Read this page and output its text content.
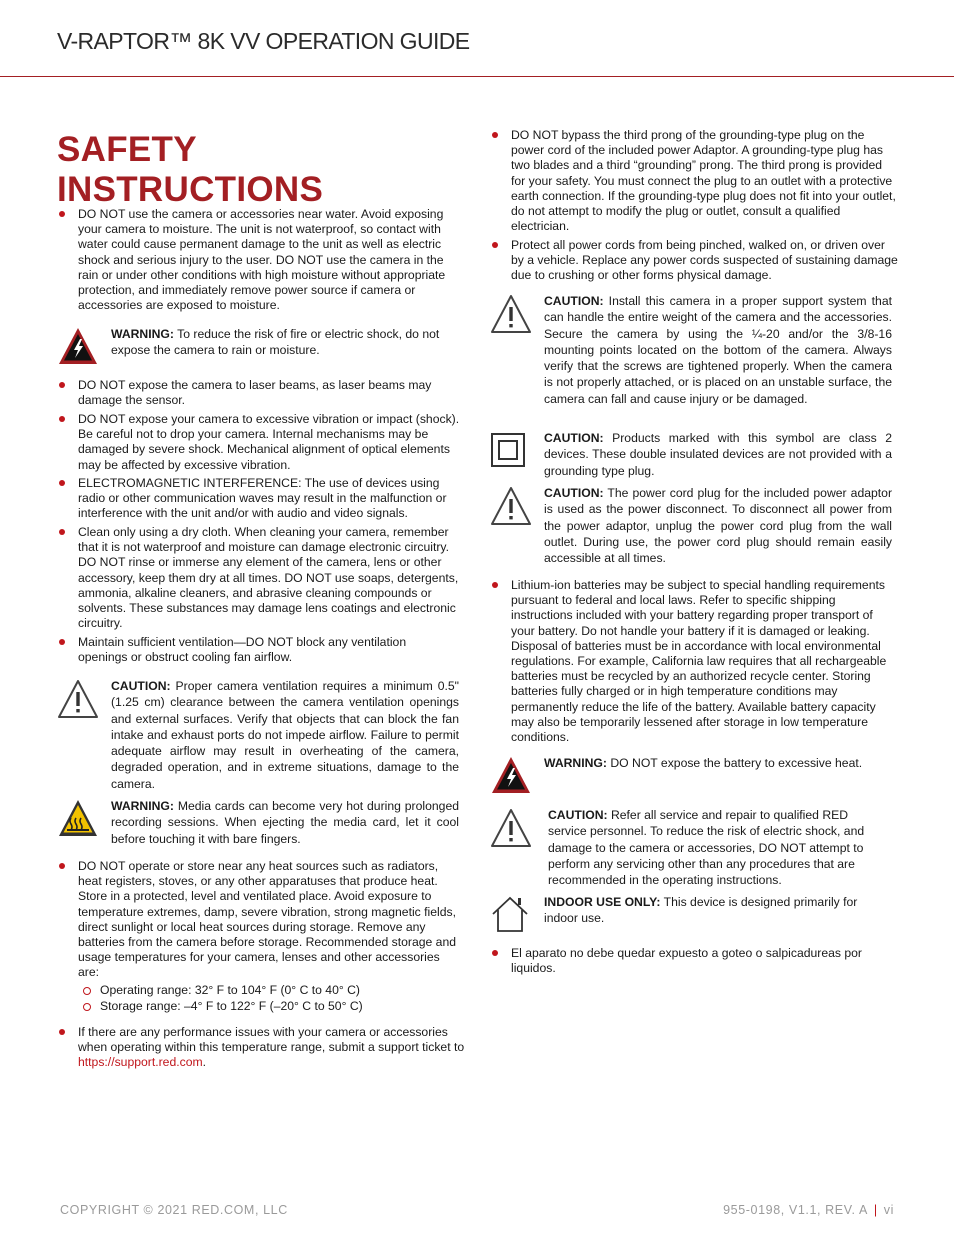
V-RAPTOR™ 8K VV OPERATION GUIDE
SAFETY INSTRUCTIONS
DO NOT use the camera or accessories near water. Avoid exposing your camera to moisture. The unit is not waterproof, so contact with water could cause permanent damage to the unit as well as electric shock and serious injury to the user. DO NOT use the camera in the rain or under other conditions with high moisture without appropriate protection, and immediately remove power source if camera or accessories are exposed to moisture.
WARNING: To reduce the risk of fire or electric shock, do not expose the camera to rain or moisture.
DO NOT expose the camera to laser beams, as laser beams may damage the sensor.
DO NOT expose your camera to excessive vibration or impact (shock). Be careful not to drop your camera. Internal mechanisms may be damaged by severe shock. Mechanical alignment of optical elements may be affected by excessive vibration.
ELECTROMAGNETIC INTERFERENCE: The use of devices using radio or other communication waves may result in the malfunction or interference with the unit and/or with audio and video signals.
Clean only using a dry cloth. When cleaning your camera, remember that it is not waterproof and moisture can damage electronic circuitry. DO NOT rinse or immerse any element of the camera, lens or other accessory, keep them dry at all times. DO NOT use soaps, detergents, ammonia, alkaline cleaners, and abrasive cleaning compounds or solvents. These substances may damage lens coatings and electronic circuitry.
Maintain sufficient ventilation—DO NOT block any ventilation openings or obstruct cooling fan airflow.
CAUTION: Proper camera ventilation requires a minimum 0.5" (1.25 cm) clearance between the camera ventilation openings and external surfaces. Verify that objects that can block the fan intake and exhaust ports do not impede airflow. Failure to permit adequate airflow may result in overheating of the camera, degraded operation, and in extreme situations, damage to the camera.
WARNING: Media cards can become very hot during prolonged recording sessions. When ejecting the media card, let it cool before touching it with bare fingers.
DO NOT operate or store near any heat sources such as radiators, heat registers, stoves, or any other apparatuses that produce heat. Store in a protected, level and ventilated place. Avoid exposure to temperature extremes, damp, severe vibration, strong magnetic fields, direct sunlight or local heat sources during storage. Remove any batteries from the camera before storage. Recommended storage and usage temperatures for your camera, lenses and other accessories are:
Operating range: 32° F to 104° F (0° C to 40° C)
Storage range: –4° F to 122° F (–20° C to 50° C)
If there are any performance issues with your camera or accessories when operating within this temperature range, submit a support ticket to https://support.red.com.
DO NOT bypass the third prong of the grounding-type plug on the power cord of the included power Adaptor. A grounding-type plug has two blades and a third “grounding” prong. The third prong is provided for your safety. You must connect the plug to an outlet with a protective earth connection. If the grounding-type plug does not fit into your outlet, do not attempt to modify the plug or outlet, consult a qualified electrician.
Protect all power cords from being pinched, walked on, or driven over by a vehicle. Replace any power cords suspected of sustaining damage due to crushing or other forms physical damage.
CAUTION: Install this camera in a proper support system that can handle the entire weight of the camera and the accessories. Secure the camera by using the ¼-20 and/or the 3/8-16 mounting points located on the bottom of the camera. Always verify that the screws are tightened properly. When the camera is not properly attached, or is placed on an unstable surface, the camera can fall and cause injury or be damaged.
CAUTION: Products marked with this symbol are class 2 devices. These double insulated devices are not provided with a grounding type plug.
CAUTION: The power cord plug for the included power adaptor is used as the power disconnect. To disconnect all power from the power adaptor, unplug the power cord plug from the wall outlet. During use, the power cord plug should remain easily accessible at all times.
Lithium-ion batteries may be subject to special handling requirements pursuant to federal and local laws. Refer to specific shipping instructions included with your battery regarding proper transport of your battery. Do not handle your battery if it is damaged or leaking. Disposal of batteries must be in accordance with local environmental regulations. For example, California law requires that all rechargeable batteries must be recycled by an authorized recycle center. Storing batteries fully charged or in high temperature conditions may permanently reduce the life of the battery. Available battery capacity may also be temporarily lessened after storage in low temperature conditions.
WARNING: DO NOT expose the battery to excessive heat.
CAUTION: Refer all service and repair to qualified RED service personnel. To reduce the risk of electric shock, and damage to the camera or accessories, DO NOT attempt to perform any servicing other than any procedures that are recommended in the operating instructions.
INDOOR USE ONLY: This device is designed primarily for indoor use.
El aparato no debe quedar expuesto a goteo o salpicadureas por liquidos.
COPYRIGHT © 2021 RED.COM, LLC	955-0198, V1.1, REV. A | vi
